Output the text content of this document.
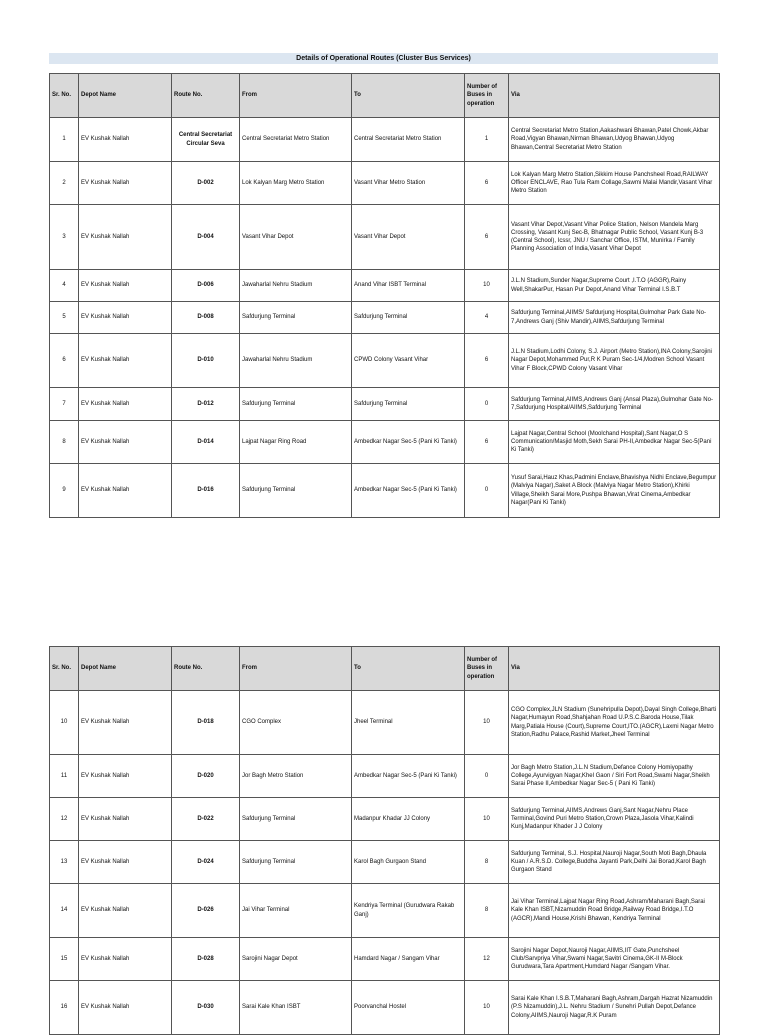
Details of Operational Routes (Cluster Bus Services)
Sr. No.	Depot Name	Route No.	From	To	Number of Buses in operation	Via
1	EV Kushak Nallah	Central Secretariat Circular Seva	Central Secretariat Metro Station	Central Secretariat Metro Station	1	Central Secretariat Metro Station,Aakashwani Bhawan,Patel Chowk,Akbar Road,Vigyan Bhawan,Nirman Bhawan,Udyog Bhawan,Udyog Bhawan,Central Secretariat Metro Station
2	EV Kushak Nallah	D-002	Lok Kalyan Marg Metro Station	Vasant Vihar Metro Station	6	Lok Kalyan Marg Metro Station,Sikkim House Panchsheel Road,RAILWAY Officer ENCLAVE, Rao Tula Ram Collage,Sawmi Malai Mandir,Vasant Vihar Metro Station
3	EV Kushak Nallah	D-004	Vasant Vihar Depot	Vasant Vihar Depot	6	Vasant Vihar Depot,Vasant Vihar Police Station, Nelson Mandela Marg Crossing, Vasant Kunj Sec-B, Bhatnagar Public School, Vasant Kunj B-3 (Central School), Icssr, JNU / Sanchar Office, ISTM, Munirka / Family Planning Association of India,Vasant Vihar Depot
4	EV Kushak Nallah	D-006	Jawaharlal Nehru Stadium	Anand Vihar ISBT Terminal	10	J.L.N Stadium,Sunder Nagar,Supreme Court ,I.T.O (AGGR),Rainy Well,ShakarPur, Hasan Pur Depot,Anand Vihar Terminal I.S.B.T
5	EV Kushak Nallah	D-008	Safdurjung Terminal	Safdurjung Terminal	4	Safdurjung Terminal,AIIMS/ Safdurjung Hospital,Gulmohar Park Gate No-7,Andrews Ganj (Shiv Mandir),AIIMS,Safdurjung Terminal
6	EV Kushak Nallah	D-010	Jawaharlal Nehru Stadium	CPWD Colony Vasant Vihar	6	J.L.N Stadium,Lodhi Colony, S.J. Airport (Metro Station),INA Colony,Sarojini Nagar Depot,Mohammed Pur,R K Puram Sec-1/4,Modren School Vasant Vihar F Block,CPWD Colony Vasant Vihar
7	EV Kushak Nallah	D-012	Safdurjung Terminal	Safdurjung Terminal	0	Safdurjung Terminal,AIIMS,Andrews Ganj (Ansal Plaza),Gulmohar Gate No-7,Safdurjung Hospital/AIIMS,Safdurjung Terminal
8	EV Kushak Nallah	D-014	Lajpat Nagar Ring Road	Ambedkar Nagar Sec-5 (Pani Ki Tanki)	6	Lajpat Nagar,Central School (Moolchand Hospital),Sant Nagar,O S Communication/Masjid Moth,Sekh Sarai PH-II,Ambedkar Nagar Sec-5(Pani Ki Tanki)
9	EV Kushak Nallah	D-016	Safdurjung Terminal	Ambedkar Nagar Sec-5 (Pani Ki Tanki)	0	Yusuf Sarai,Hauz Khas,Padmini Enclave,Bhavishya Nidhi Enclave,Begumpur (Malviya Nagar),Saket A Block (Malviya Nagar Metro Station),Khirki Village,Sheikh Sarai More,Pushpa Bhawan,Virat Cinema,Ambedkar Nagar(Pani Ki Tanki)
Sr. No.	Depot Name	Route No.	From	To	Number of Buses in operation	Via
10	EV Kushak Nallah	D-018	CGO Complex	Jheel Terminal	10	CGO Complex,JLN Stadium (Sunehripulla Depot),Dayal Singh College,Bharti Nagar,Humayun Road,Shahjahan Road U.P.S.C.Baroda House,Tilak Marg,Patiala House (Court),Supreme Court,ITO.(AGCR),Laxmi Nagar Metro Station,Radhu Palace,Rashid Market,Jheel Terminal
11	EV Kushak Nallah	D-020	Jor Bagh Metro Station	Ambedkar Nagar Sec-5 (Pani Ki Tanki)	0	Jor Bagh Metro Station,J.L.N Stadium,Defance Colony Homiyopathy College,Ayurvigyan Nagar,Khel Gaon / Siri Fort Road,Swami Nagar,Sheikh Sarai Phase II,Ambedkar Nagar Sec-5 ( Pani Ki Tanki)
12	EV Kushak Nallah	D-022	Safdurjung Terminal	Madanpur Khadar JJ Colony	10	Safdurjung Terminal,AIIMS,Andrews Ganj,Sant Nagar,Nehru Place Terminal,Govind Puri Metro Station,Crown Plaza,Jasola Vihar,Kalindi Kunj,Madanpur Khader J J Colony
13	EV Kushak Nallah	D-024	Safdurjung Terminal	Karol Bagh Gurgaon Stand	8	Safdurjung Terminal, S.J. Hospital,Nauroji Nagar,South Moti Bagh,Dhaula Kuan / A.R.S.D. College,Buddha Jayanti Park,Delhi Jai Borad,Karol Bagh Gurgaon Stand
14	EV Kushak Nallah	D-026	Jai Vihar Terminal	Kendriya Terminal (Gurudwara Rakab Ganj)	8	Jai Vihar Terminal,Lajpat Nagar Ring Road,Ashram/Maharani Bagh,Sarai Kale Khan ISBT,Nizamuddin Road Bridge,Railway Road Bridge,I.T.O (AGCR),Mandi House,Krishi Bhawan, Kendriya Terminal
15	EV Kushak Nallah	D-028	Sarojini Nagar Depot	Hamdard Nagar / Sangam Vihar	12	Sarojini Nagar Depot,Nauroji Nagar,AIIMS,IIT Gate,Punchsheel Club/Sarvpriya Vihar,Swami Nagar,Savitri Cinema,GK-II M-Block Gurudwara,Tara Apartment,Humdard Nagar /Sangam Vihar.
16	EV Kushak Nallah	D-030	Sarai Kale Khan ISBT	Poorvanchal Hostel	10	Sarai Kale Khan I.S.B.T,Maharani Bagh,Ashram,Dargah Hazrat Nizamuddin (P.S Nizamuddin),J.L. Nehru Stadium / Sunehri Pullah Depot,Defance Colony,AIIMS,Nauroji Nagar,R.K Puram
